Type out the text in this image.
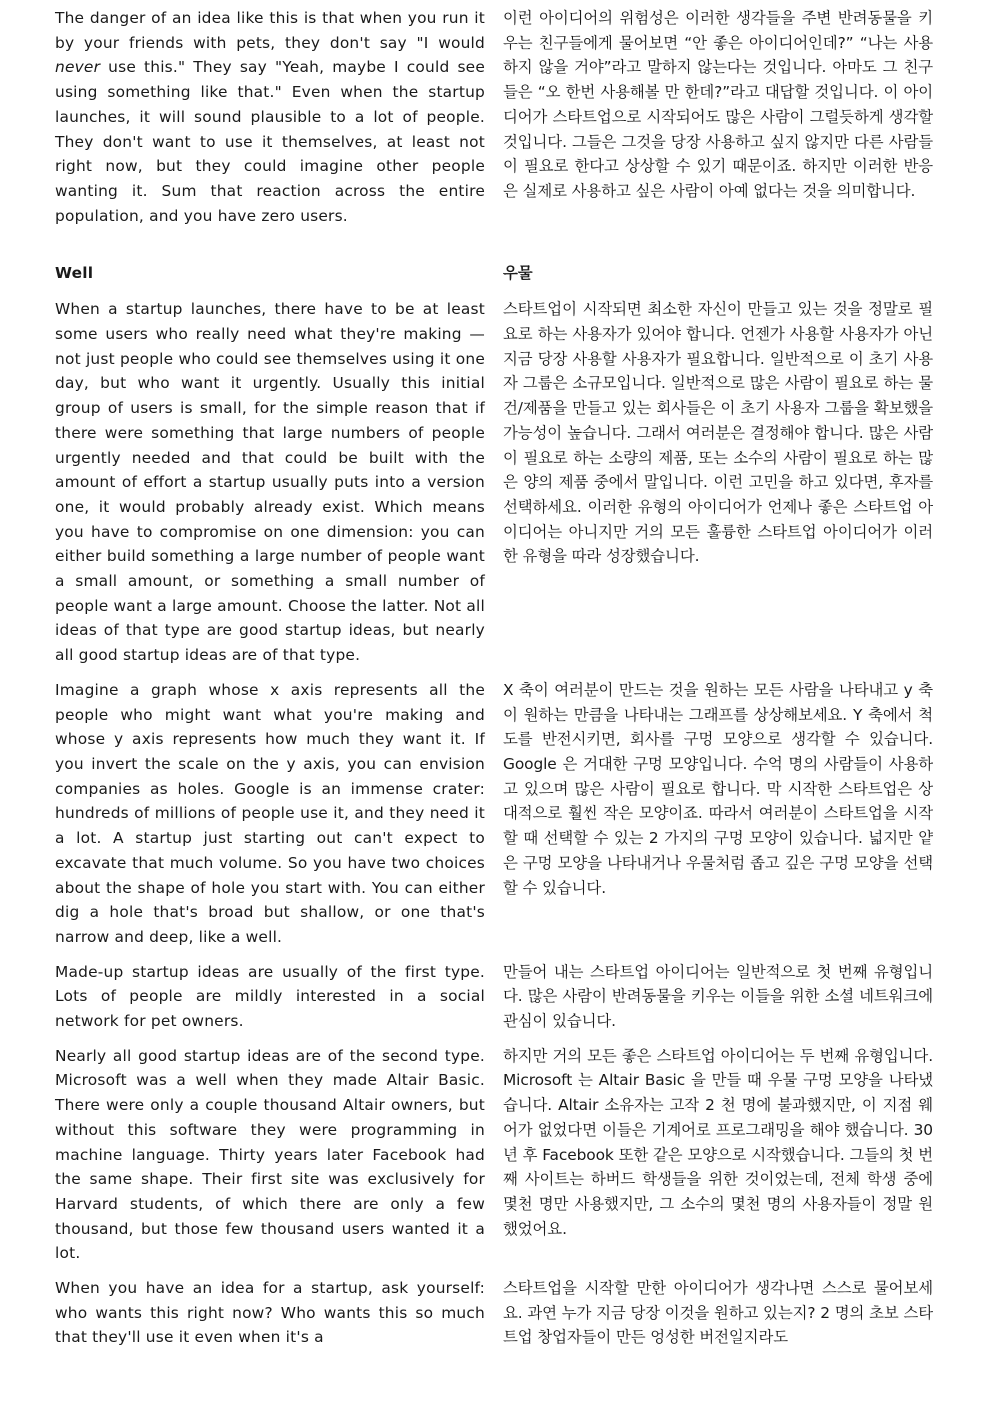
The danger of an idea like this is that when you run it by your friends with pets, they don't say "I would never use this." They say "Yeah, maybe I could see using something like that." Even when the startup launches, it will sound plausible to a lot of people. They don't want to use it themselves, at least not right now, but they could imagine other people wanting it. Sum that reaction across the entire population, and you have zero users.
이런 아이디어의 위험성은 이러한 생각들을 주변 반려동물을 키우는 친구들에게 물어보면 “안 좋은 아이디어인데?” “나는 사용하지 않을 거야”라고 말하지 않는다는 것입니다. 아마도 그 친구들은 “오 한번 사용해볼 만 한데?”라고 대답할 것입니다. 이 아이디어가 스타트업으로 시작되어도 많은 사람이 그럴듯하게 생각할 것입니다. 그들은 그것을 당장 사용하고 싶지 않지만 다른 사람들이 필요로 한다고 상상할 수 있기 때문이죠. 하지만 이러한 반응은 실제로 사용하고 싶은 사람이 아예 없다는 것을 의미합니다.
Well	우물
When a startup launches, there have to be at least some users who really need what they're making — not just people who could see themselves using it one day, but who want it urgently. Usually this initial group of users is small, for the simple reason that if there were something that large numbers of people urgently needed and that could be built with the amount of effort a startup usually puts into a version one, it would probably already exist. Which means you have to compromise on one dimension: you can either build something a large number of people want a small amount, or something a small number of people want a large amount. Choose the latter. Not all ideas of that type are good startup ideas, but nearly all good startup ideas are of that type.
스타트업이 시작되면 최소한 자신이 만들고 있는 것을 정말로 필요로 하는 사용자가 있어야 합니다. 언젠가 사용할 사용자가 아닌 지금 당장 사용할 사용자가 필요합니다. 일반적으로 이 초기 사용자 그룹은 소규모입니다. 일반적으로 많은 사람이 필요로 하는 물건/제품을 만들고 있는 회사들은 이 초기 사용자 그룹을 확보했을 가능성이 높습니다. 그래서 여러분은 결정해야 합니다. 많은 사람이 필요로 하는 소량의 제품, 또는 소수의 사람이 필요로 하는 많은 양의 제품 중에서 말입니다. 이런 고민을 하고 있다면, 후자를 선택하세요. 이러한 유형의 아이디어가 언제나 좋은 스타트업 아이디어는 아니지만 거의 모든 훌륭한 스타트업 아이디어가 이러한 유형을 따라 성장했습니다.
Imagine a graph whose x axis represents all the people who might want what you're making and whose y axis represents how much they want it. If you invert the scale on the y axis, you can envision companies as holes. Google is an immense crater: hundreds of millions of people use it, and they need it a lot. A startup just starting out can't expect to excavate that much volume. So you have two choices about the shape of hole you start with. You can either dig a hole that's broad but shallow, or one that's narrow and deep, like a well.
X 축이 여러분이 만드는 것을 원하는 모든 사람을 나타내고 y 축이 원하는 만큼을 나타내는 그래프를 상상해보세요. Y 축에서 척도를 반전시키면, 회사를 구멍 모양으로 생각할 수 있습니다. Google 은 거대한 구멍 모양입니다. 수억 명의 사람들이 사용하고 있으며 많은 사람이 필요로 합니다. 막 시작한 스타트업은 상대적으로 훨씬 작은 모양이죠. 따라서 여러분이 스타트업을 시작할 때 선택할 수 있는 2 가지의 구멍 모양이 있습니다. 넓지만 얕은 구멍 모양을 나타내거나 우물처럼 좁고 깊은 구멍 모양을 선택할 수 있습니다.
Made-up startup ideas are usually of the first type. Lots of people are mildly interested in a social network for pet owners.
만들어 내는 스타트업 아이디어는 일반적으로 첫 번째 유형입니다. 많은 사람이 반려동물을 키우는 이들을 위한 소셜 네트워크에 관심이 있습니다.
Nearly all good startup ideas are of the second type. Microsoft was a well when they made Altair Basic. There were only a couple thousand Altair owners, but without this software they were programming in machine language. Thirty years later Facebook had the same shape. Their first site was exclusively for Harvard students, of which there are only a few thousand, but those few thousand users wanted it a lot.
하지만 거의 모든 좋은 스타트업 아이디어는 두 번째 유형입니다. Microsoft 는 Altair Basic 을 만들 때 우물 구멍 모양을 나타냈습니다. Altair 소유자는 고작 2 천 명에 불과했지만, 이 지점 웨어가 없었다면 이들은 기계어로 프로그래밍을 해야 했습니다. 30 년 후 Facebook 또한 같은 모양으로 시작했습니다. 그들의 첫 번째 사이트는 하버드 학생들을 위한 것이었는데, 전체 학생 중에 몇천 명만 사용했지만, 그 소수의 몇천 명의 사용자들이 정말 원했었어요.
When you have an idea for a startup, ask yourself: who wants this right now? Who wants this so much that they'll use it even when it's a
스타트업을 시작할 만한 아이디어가 생각나면 스스로 물어보세요. 과연 누가 지금 당장 이것을 원하고 있는지? 2 명의 초보 스타트업 창업자들이 만든 엉성한 버전일지라도
